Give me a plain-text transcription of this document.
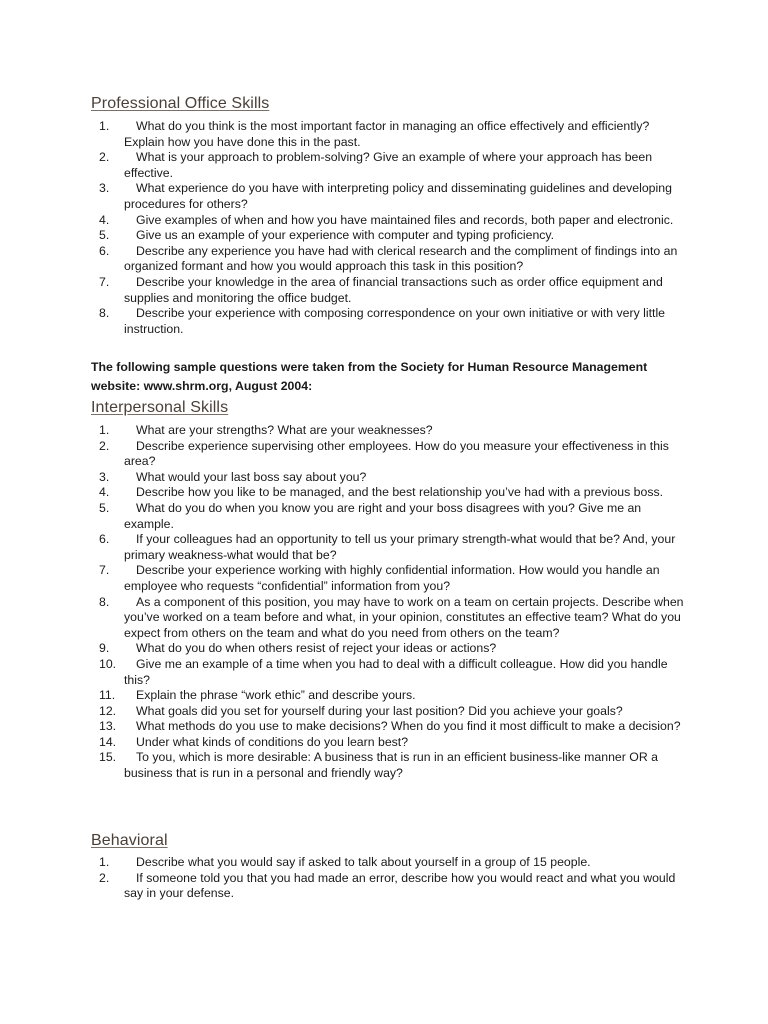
Professional Office Skills
1.	What do you think is the most important factor in managing an office effectively and efficiently? Explain how you have done this in the past.
2.	What is your approach to problem-solving? Give an example of where your approach has been effective.
3.	What experience do you have with interpreting policy and disseminating guidelines and developing procedures for others?
4.	Give examples of when and how you have maintained files and records, both paper and electronic.
5.	Give us an example of your experience with computer and typing proficiency.
6.	Describe any experience you have had with clerical research and the compliment of findings into an organized formant and how you would approach this task in this position?
7.	Describe your knowledge in the area of financial transactions such as order office equipment and supplies and monitoring the office budget.
8.	Describe your experience with composing correspondence on your own initiative or with very little instruction.

The following sample questions were taken from the Society for Human Resource Management website: www.shrm.org, August 2004:

Interpersonal Skills
1.	What are your strengths? What are your weaknesses?
2.	Describe experience supervising other employees. How do you measure your effectiveness in this area?
3.	What would your last boss say about you?
4.	Describe how you like to be managed, and the best relationship you’ve had with a previous boss.
5.	What do you do when you know you are right and your boss disagrees with you? Give me an example.
6.	If your colleagues had an opportunity to tell us your primary strength-what would that be? And, your primary weakness-what would that be?
7.	Describe your experience working with highly confidential information. How would you handle an employee who requests “confidential” information from you?
8.	As a component of this position, you may have to work on a team on certain projects. Describe when you’ve worked on a team before and what, in your opinion, constitutes an effective team? What do you expect from others on the team and what do you need from others on the team?
9.	What do you do when others resist of reject your ideas or actions?
10.	Give me an example of a time when you had to deal with a difficult colleague. How did you handle this?
11.	Explain the phrase “work ethic” and describe yours.
12.	What goals did you set for yourself during your last position? Did you achieve your goals?
13.	What methods do you use to make decisions? When do you find it most difficult to make a decision?
14.	Under what kinds of conditions do you learn best?
15.	To you, which is more desirable: A business that is run in an efficient business-like manner OR a business that is run in a personal and friendly way?
Behavioral
1.	Describe what you would say if asked to talk about yourself in a group of 15 people.
2.	If someone told you that you had made an error, describe how you would react and what you would say in your defense.
